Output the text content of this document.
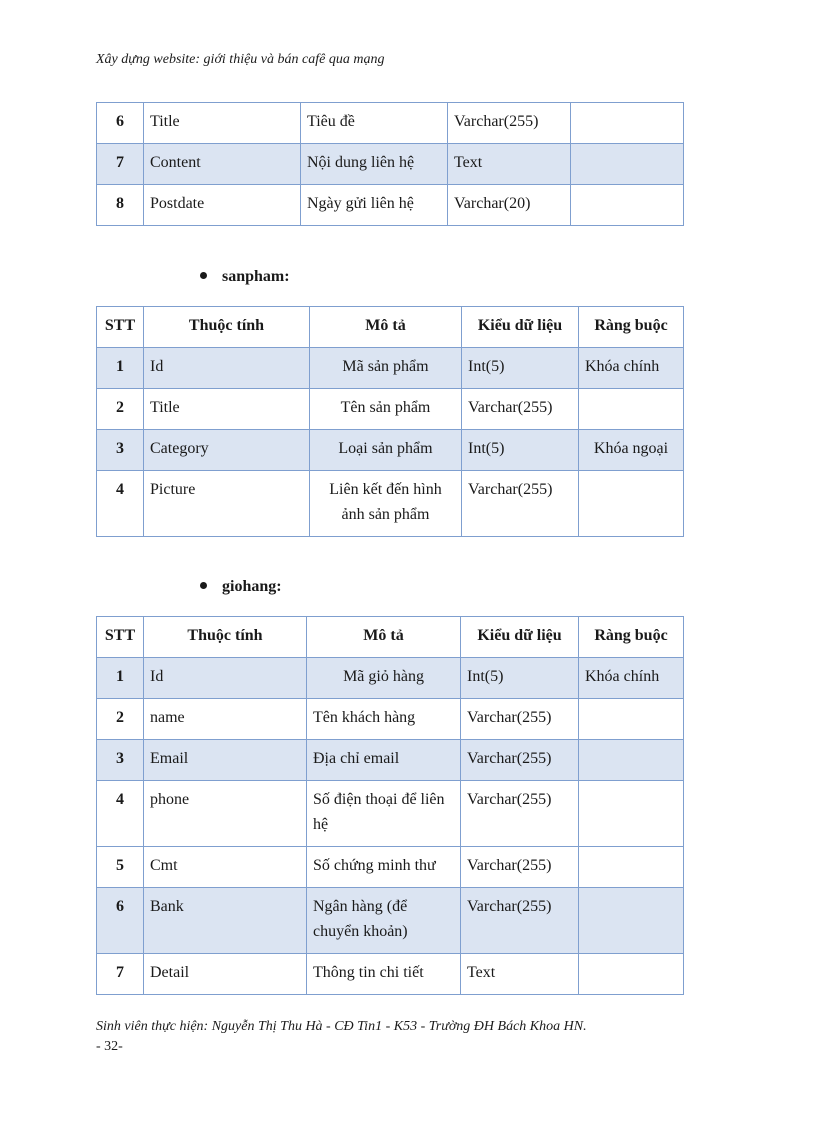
Xây dựng website: giới thiệu và bán cafê qua mạng
6	Title	Tiêu đề	Varchar(255)	
7	Content	Nội dung liên hệ	Text	
8	Postdate	Ngày gửi liên hệ	Varchar(20)	
sanpham:
STT	Thuộc tính	Mô tả	Kiểu dữ liệu	Ràng buộc
1	Id	Mã sản phẩm	Int(5)	Khóa chính
2	Title	Tên sản phẩm	Varchar(255)	
3	Category	Loại sản phẩm	Int(5)	Khóa ngoại
4	Picture	Liên kết đến hình ảnh sản phẩm	Varchar(255)	
giohang:
STT	Thuộc tính	Mô tả	Kiểu dữ liệu	Ràng buộc
1	Id	Mã giỏ hàng	Int(5)	Khóa chính
2	name	Tên khách hàng	Varchar(255)	
3	Email	Địa chỉ email	Varchar(255)	
4	phone	Số điện thoại để liên hệ	Varchar(255)	
5	Cmt	Số chứng minh thư	Varchar(255)	
6	Bank	Ngân hàng (để chuyển khoản)	Varchar(255)	
7	Detail	Thông tin chi tiết	Text	
Sinh viên thực hiện: Nguyễn Thị Thu Hà - CĐ Tin1 - K53 - Trường ĐH Bách Khoa HN.
- 32-
